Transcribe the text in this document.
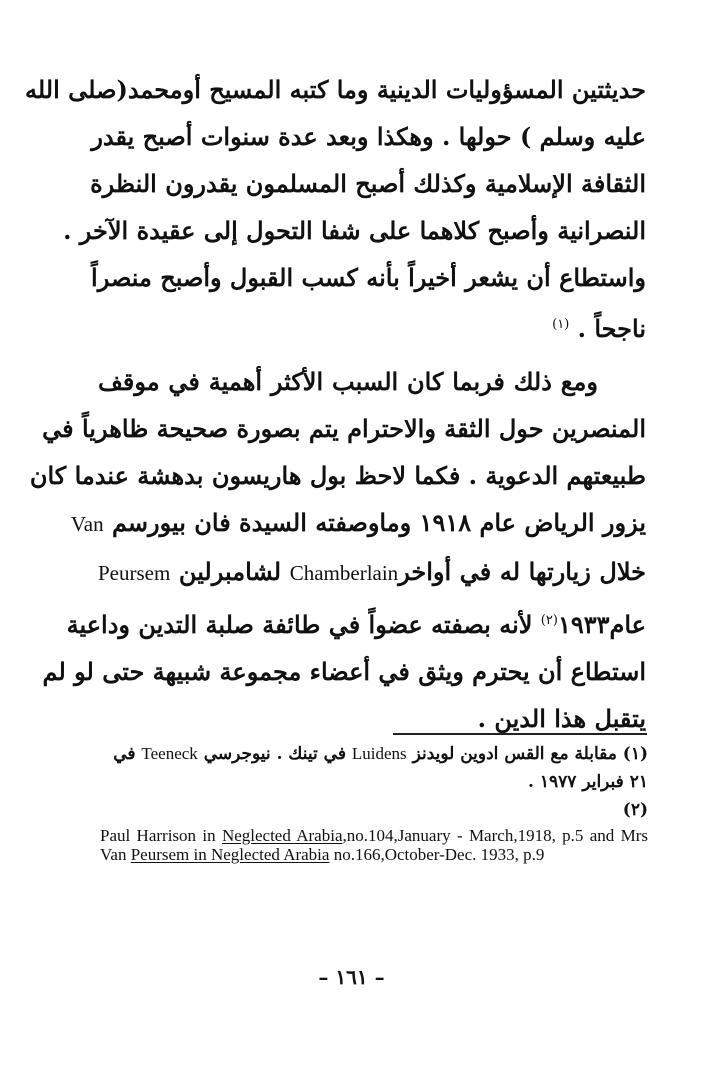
حديثتين المسؤوليات الدينية وما كتبه المسيح أومحمد(صلى الله
عليه وسلم ) حولها . وهكذا وبعد عدة سنوات أصبح يقدر
الثقافة الإسلامية وكذلك أصبح المسلمون يقدرون النظرة
النصرانية وأصبح كلاهما على شفا التحول إلى عقيدة الآخر .
واستطاع أن يشعر أخيراً بأنه كسب القبول وأصبح منصراً
ناجحاً . $^{(١)}$

ومع ذلك فربما كان السبب الأكثر أهمية في موقف
المنصرين حول الثقة والاحترام يتم بصورة صحيحة ظاهرياً في
طبيعتهم الدعوية . فكما لاحظ بول هاريسون بدهشة عندما كان
يزور الرياض عام ١٩١٨ وماوصفته السيدة فان بيورسم Van
خلال زيارتها له في أواخرChamberlain لشامبرلين Peursem
عام١٩٣٣$^{(٢)}$ لأنه بصفته عضواً في طائفة صلبة التدين وداعية
استطاع أن يحترم ويثق في أعضاء مجموعة شبيهة حتى لو لم
يتقبل هذا الدين .

(١) مقابلة مع القس ادوين لويدنز Luidens في تينك . نيوجرسي Teeneck في

٢١ فبراير ١٩٧٧ .

(٢)

Paul Harrison in Neglected Arabia,no.104,January - March,1918, p.5 and Mrs Van Peursem in Neglected Arabia no.166,October-Dec. 1933, p.9

– ١٦١ –
